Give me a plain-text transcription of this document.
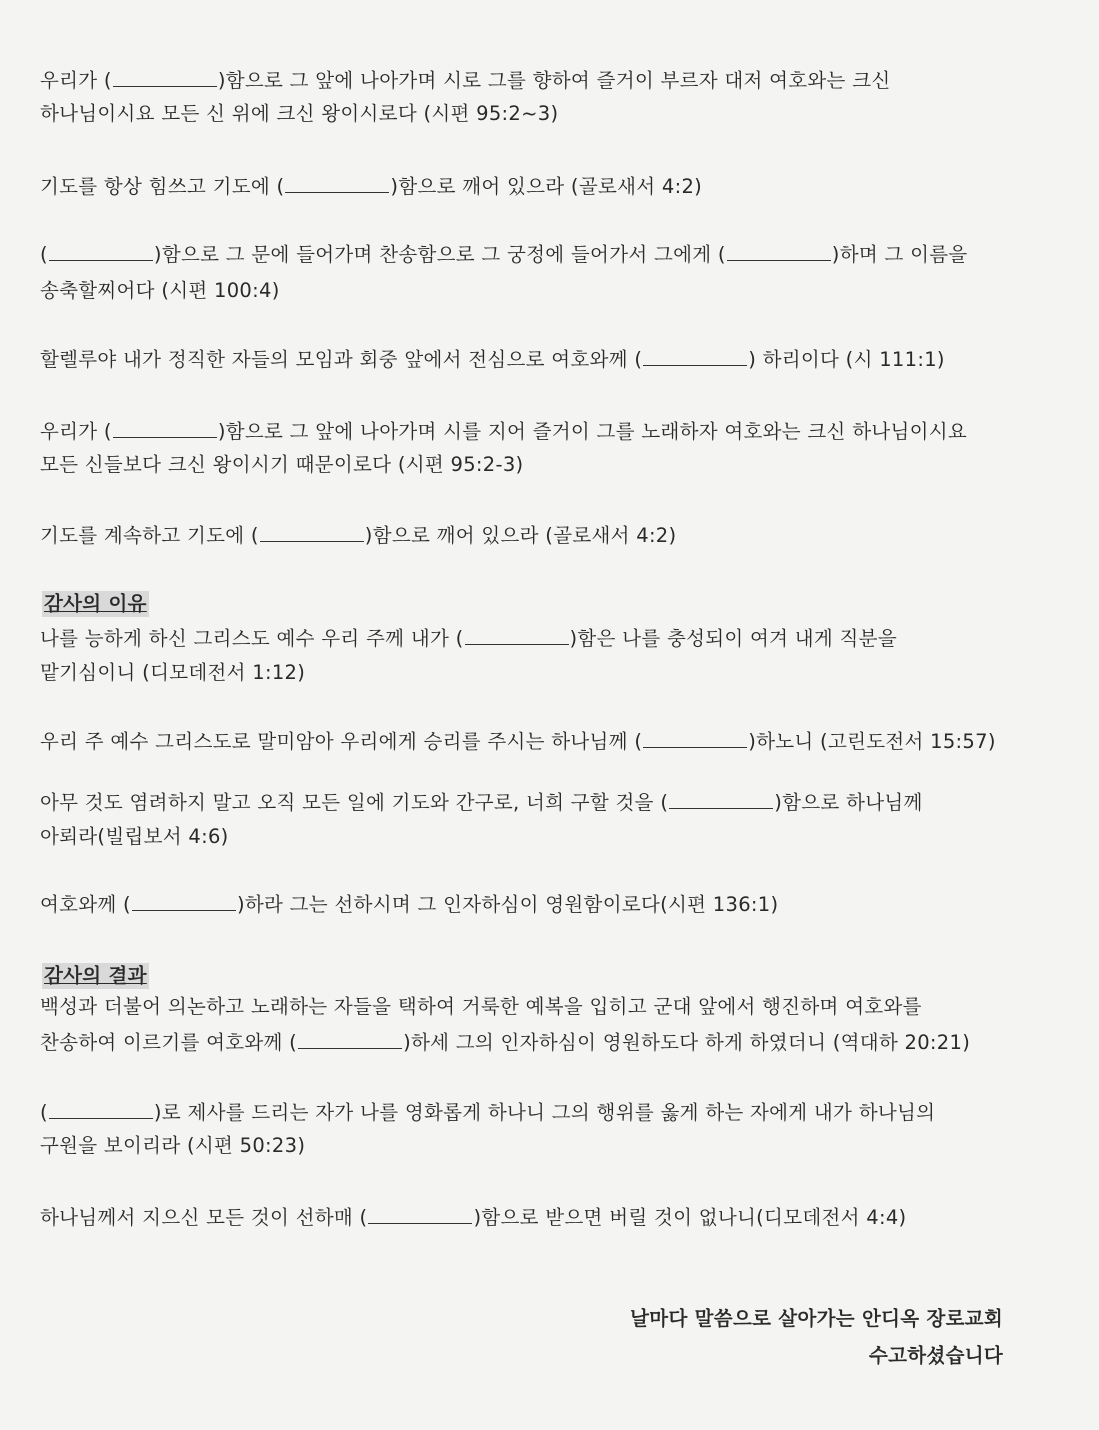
우리가 (	)함으로 그 앞에 나아가며 시로 그를 향하여 즐거이 부르자 대저 여호와는 크신
하나님이시요 모든 신 위에 크신 왕이시로다 (시편 95:2~3)
기도를 항상 힘쓰고 기도에 (	)함으로 깨어 있으라 (골로새서 4:2)
(	)함으로 그 문에 들어가며 찬송함으로 그 궁정에 들어가서 그에게 (	)하며 그 이름을
송축할찌어다 (시편 100:4)
할렐루야 내가 정직한 자들의 모임과 회중 앞에서 전심으로 여호와께 (	) 하리이다 (시 111:1)
우리가 (	)함으로 그 앞에 나아가며 시를 지어 즐거이 그를 노래하자 여호와는 크신 하나님이시요
모든 신들보다 크신 왕이시기 때문이로다 (시편 95:2-3)
기도를 계속하고 기도에 (	)함으로 깨어 있으라 (골로새서 4:2)
나를 능하게 하신 그리스도 예수 우리 주께 내가 (	)함은 나를 충성되이 여겨 내게 직분을
맡기심이니 (디모데전서 1:12)
우리 주 예수 그리스도로 말미암아 우리에게 승리를 주시는 하나님께 (	)하노니 (고린도전서 15:57)
아무 것도 염려하지 말고 오직 모든 일에 기도와 간구로, 너희 구할 것을 (	)함으로 하나님께
아뢰라(빌립보서 4:6)
여호와께 (	)하라 그는 선하시며 그 인자하심이 영원함이로다(시편 136:1)
백성과 더불어 의논하고 노래하는 자들을 택하여 거룩한 예복을 입히고 군대 앞에서 행진하며 여호와를
찬송하여 이르기를 여호와께 (	)하세 그의 인자하심이 영원하도다 하게 하였더니 (역대하 20:21)
(	)로 제사를 드리는 자가 나를 영화롭게 하나니 그의 행위를 옳게 하는 자에게 내가 하나님의
구원을 보이리라 (시편 50:23)
하나님께서 지으신 모든 것이 선하매 (	)함으로 받으면 버릴 것이 없나니(디모데전서 4:4)
감사의 이유
감사의 결과
날마다 말씀으로 살아가는 안디옥 장로교회
수고하셨습니다
